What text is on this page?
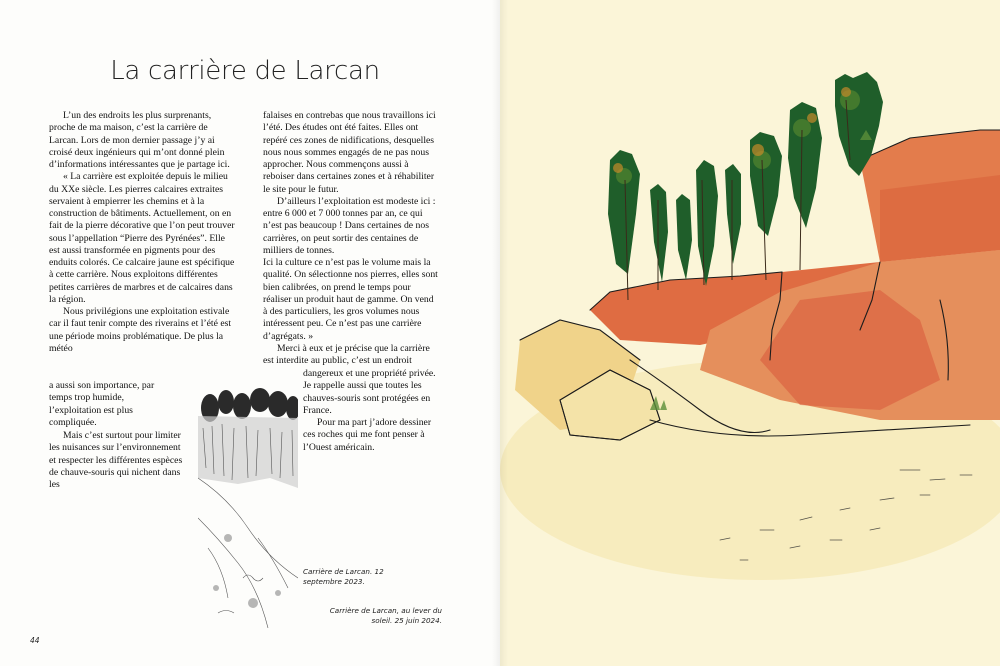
La carrière de Larcan

L’un des endroits les plus surprenants, proche de ma maison, c’est la carrière de Larcan. Lors de mon dernier passage j’y ai croisé deux ingénieurs qui m’ont donné plein d’informations intéressantes que je partage ici.

« La carrière est exploitée depuis le milieu du XXe siècle. Les pierres calcaires extraites servaient à empierrer les chemins et à la construction de bâtiments. Actuellement, on en fait de la pierre décorative que l’on peut trouver sous l’appellation “Pierre des Pyrénées”. Elle est aussi transformée en pigments pour des enduits colorés. Ce calcaire jaune est spécifique à cette carrière. Nous exploitons différentes petites carrières de marbres et de calcaires dans la région.

Nous privilégions une exploitation estivale car il faut tenir compte des riverains et l’été est une période moins problématique. De plus la météo

a aussi son importance, par temps trop humide, l’exploitation est plus compliquée.

Mais c’est surtout pour limiter les nuisances sur l’environnement et respecter les différentes espèces de chauve-souris qui nichent dans les

falaises en contrebas que nous travaillons ici l’été. Des études ont été faites. Elles ont repéré ces zones de nidifications, desquelles nous nous sommes engagés de ne pas nous approcher. Nous commençons aussi à reboiser dans certaines zones et à réhabiliter le site pour le futur.

D’ailleurs l’exploitation est modeste ici : entre 6 000 et 7 000 tonnes par an, ce qui n’est pas beaucoup ! Dans certaines de nos carrières, on peut sortir des centaines de milliers de tonnes.

Ici la culture ce n’est pas le volume mais la qualité. On sélectionne nos pierres, elles sont bien calibrées, on prend le temps pour réaliser un produit haut de gamme. On vend à des particuliers, les gros volumes nous intéressent peu. Ce n’est pas une carrière d’agrégats. »

Merci à eux et je précise que la carrière est interdite au public, c’est un endroit

dangereux et une propriété privée.

Je rappelle aussi que toutes les chauves-souris sont protégées en France.

Pour ma part j’adore dessiner ces roches qui me font penser à l’Ouest américain.

Carrière de Larcan. 12 septembre 2023.
Carrière de Larcan, au lever du soleil. 25 juin 2024.
44
